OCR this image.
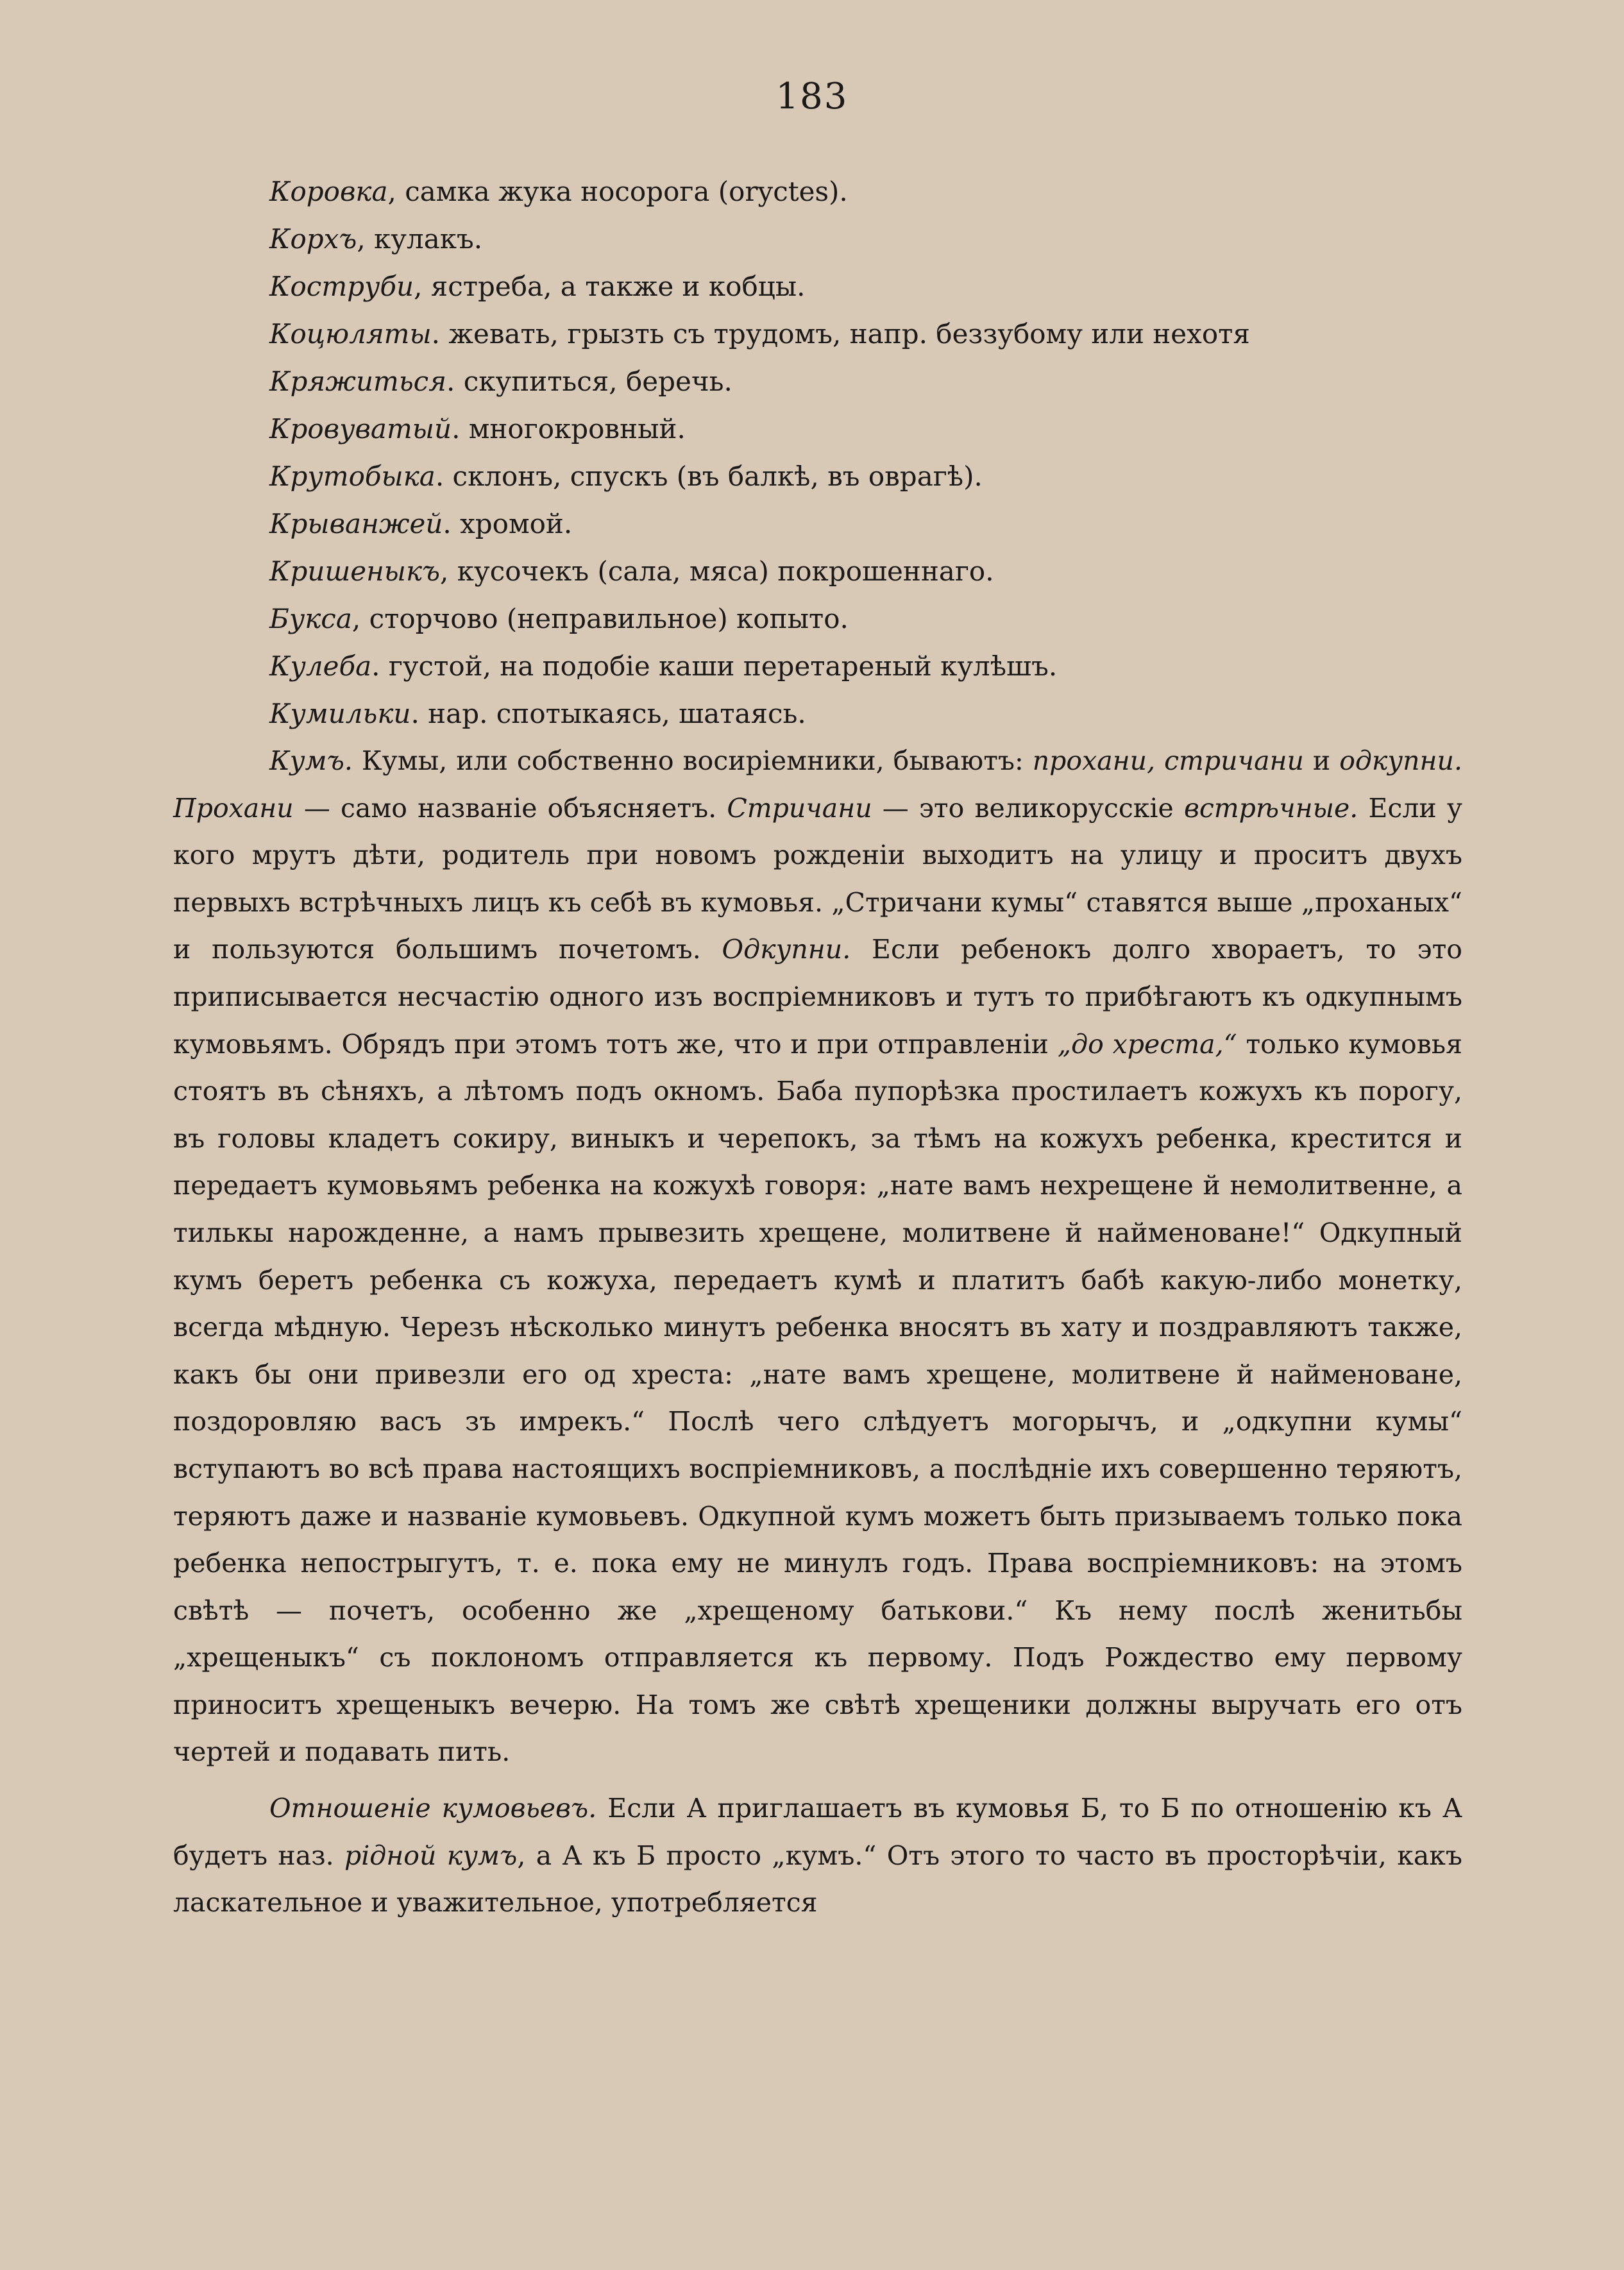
183

Коровка, самка жука носорога (oryctes).

Корхъ, кулакъ.

Коструби, ястреба, а также и кобцы.

Коцюляты. жевать, грызть съ трудомъ, напр. беззубому или нехотя

Кряжиться. скупиться, беречь.

Кровуватый. многокровный.

Крутобыка. склонъ, спускъ (въ балкѣ, въ оврагѣ).

Крыванжей. хромой.

Кришеныкъ, кусочекъ (сала, мяса) покрошеннаго.

Букса, сторчово (неправильное) копыто.

Кулеба. густой, на подобіе каши перетареный кулѣшъ.

Кумильки. нар. спотыкаясь, шатаясь.

Кумъ. Кумы, или собственно восиріемники, бываютъ: прохани, стричани и одкупни. Прохани — само названіе объясняетъ. Стричани — это великорусскіе встрѣчные. Если у кого мрутъ дѣти, родитель при новомъ рожденіи выходитъ на улицу и проситъ двухъ первыхъ встрѣчныхъ лицъ къ себѣ въ кумовья. „Стричани кумы“ ставятся выше „проханых“ и пользуются большимъ почетомъ. Одкупни. Если ребенокъ долго хвораетъ, то это приписывается несчастію одного изъ воспріемниковъ и тутъ то прибѣгаютъ къ одкупнымъ кумовьямъ. Обрядъ при этомъ тотъ же, что и при отправленіи „до хреста,“ только кумовья стоятъ въ сѣняхъ, а лѣтомъ подъ окномъ. Баба пупорѣзка простилаетъ кожухъ къ порогу, въ головы кладетъ сокиру, виныкъ и черепокъ, за тѣмъ на кожухъ ребенка, крестится и передаетъ кумовьямъ ребенка на кожухѣ говоря: „нате вамъ нехрещене й немолитвенне, а тилькы нарожденне, а намъ прывезить хрещене, молитвене й найменоване!“ Одкупный кумъ беретъ ребенка съ кожуха, передаетъ кумѣ и платитъ бабѣ какую-либо монетку, всегда мѣдную. Черезъ нѣсколько минутъ ребенка вносятъ въ хату и поздравляютъ также, какъ бы они привезли его од хреста: „нате вамъ хрещене, молитвене й найменоване, поздоровляю васъ зъ имрекъ.“ Послѣ чего слѣдуетъ могорычъ, и „одкупни кумы“ вступаютъ во всѣ права настоящихъ воспріемниковъ, а послѣдніе ихъ совершенно теряютъ, теряютъ даже и названіе кумовьевъ. Одкупной кумъ можетъ быть призываемъ только пока ребенка непострыгутъ, т. е. пока ему не минулъ годъ. Права воспріемниковъ: на этомъ свѣтѣ — почетъ, особенно же „хрещеному батькови.“ Къ нему послѣ женитьбы „хрещеныкъ“ съ поклономъ отправляется къ первому. Подъ Рождество ему первому приноситъ хрещеныкъ вечерю. На томъ же свѣтѣ хрещеники должны выручать его отъ чертей и подавать пить.

Отношеніе кумовьевъ. Если А приглашаетъ въ кумовья Б, то Б по отношенію къ А будетъ наз. рідной кумъ, а А къ Б просто „кумъ.“ Отъ этого то часто въ просторѣчіи, какъ ласкательное и уважительное, употребляется
